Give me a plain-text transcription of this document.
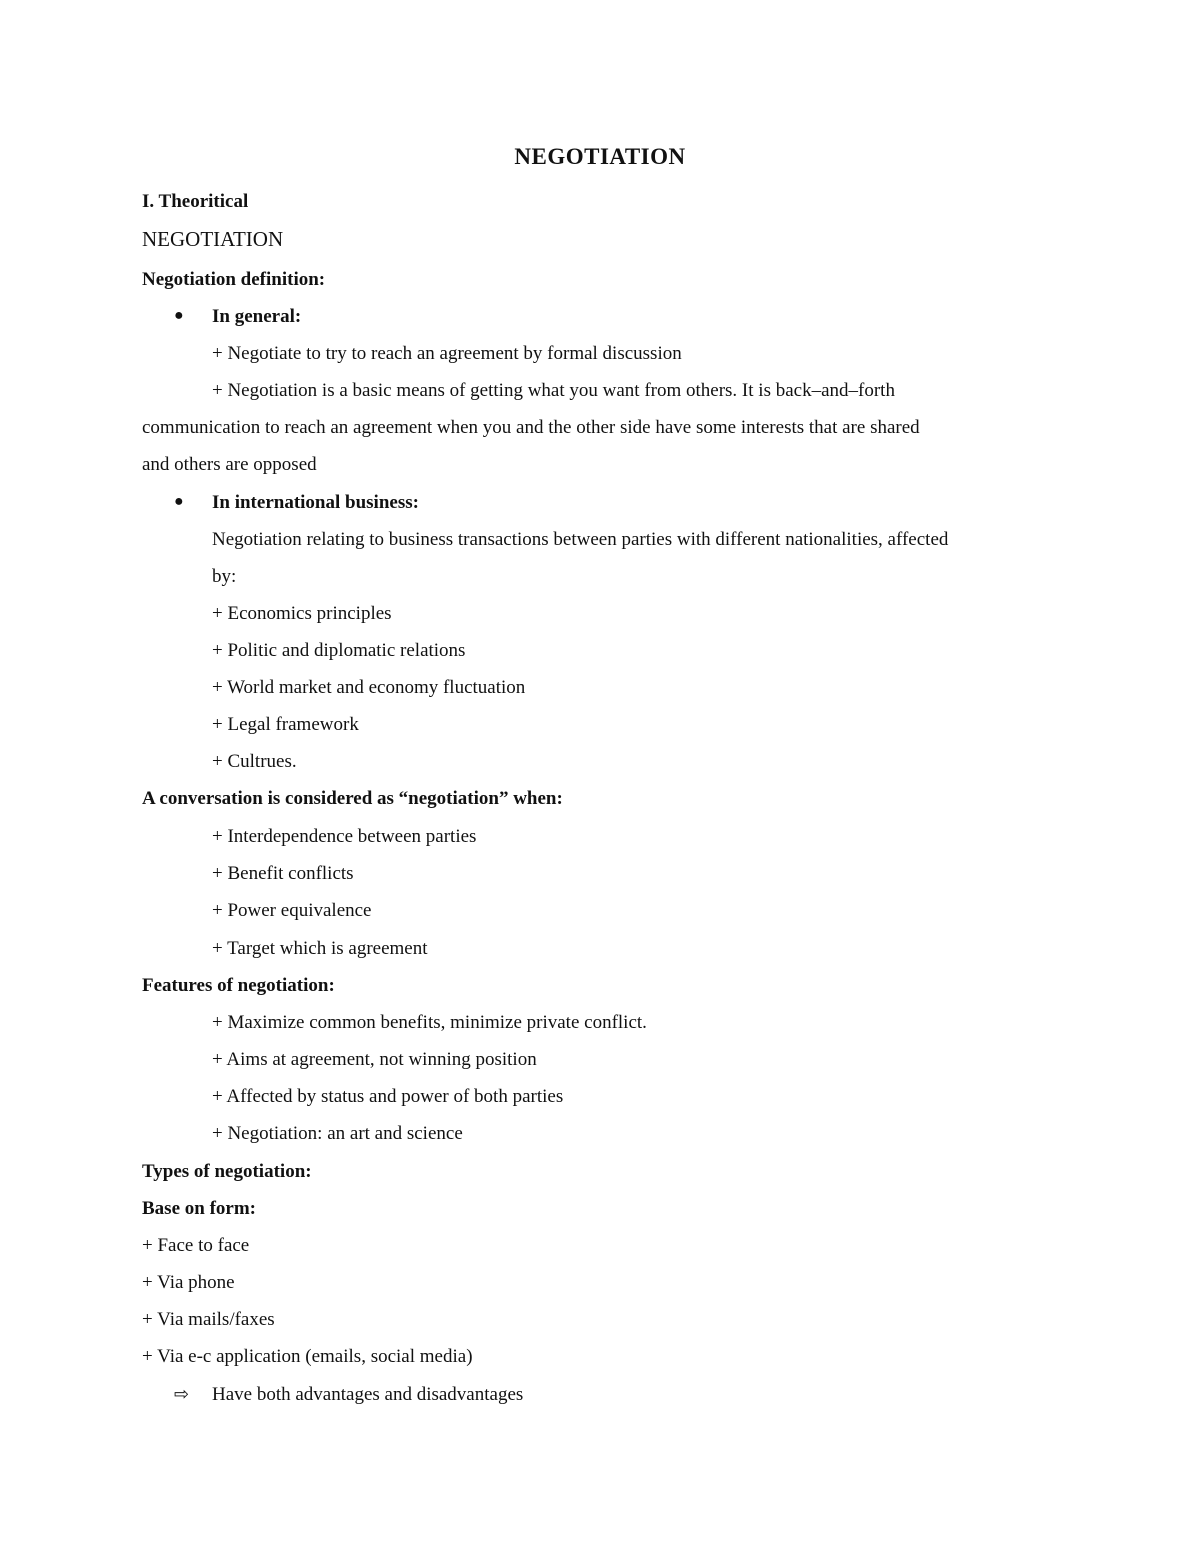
NEGOTIATION
I. Theoritical
NEGOTIATION
Negotiation definition:
● In general:
+ Negotiate to try to reach an agreement by formal discussion
+ Negotiation is a basic means of getting what you want from others. It is back–and–forth
communication to reach an agreement when you and the other side have some interests that are shared
and others are opposed
● In international business:
Negotiation relating to business transactions between parties with different nationalities, affected
by:
+ Economics principles
+ Politic and diplomatic relations
+ World market and economy fluctuation
+ Legal framework
+ Cultrues.
A conversation is considered as “negotiation” when:
+ Interdependence between parties
+ Benefit conflicts
+ Power equivalence
+ Target which is agreement
Features of negotiation:
+ Maximize common benefits, minimize private conflict.
+ Aims at agreement, not winning position
+ Affected by status and power of both parties
+ Negotiation: an art and science
Types of negotiation:
Base on form:
+ Face to face
+ Via phone
+ Via mails/faxes
+ Via e-c application (emails, social media)
⇨ Have both advantages and disadvantages
